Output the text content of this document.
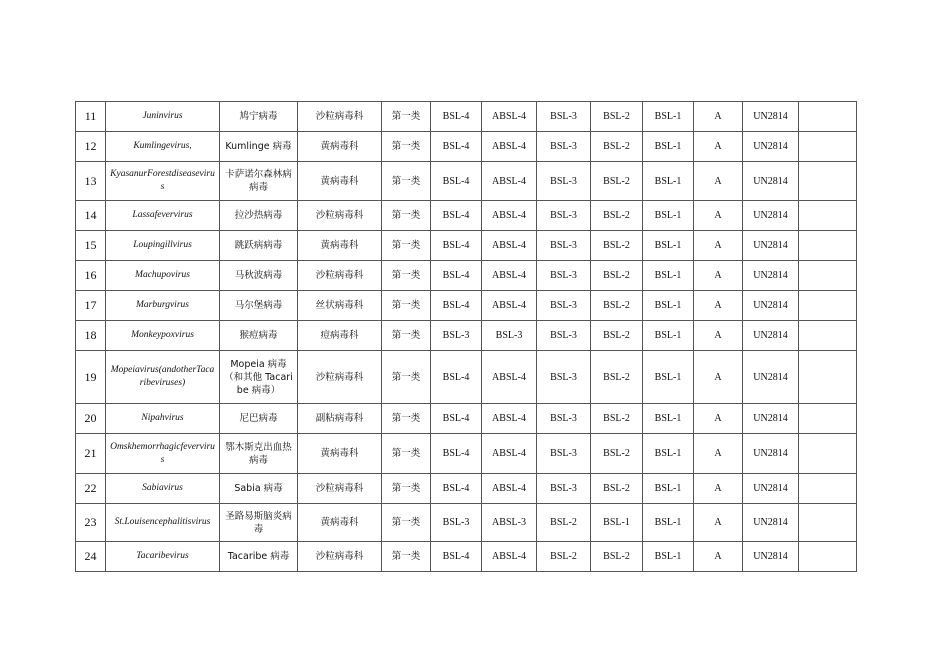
11	Juninvirus	鸠宁病毒	沙粒病毒科	第一类	BSL-4	ABSL-4	BSL-3	BSL-2	BSL-1	A	UN2814	
12	Kumlingevirus,	Kumlinge 病毒	黄病毒科	第一类	BSL-4	ABSL-4	BSL-3	BSL-2	BSL-1	A	UN2814	
13	KyasanurForestdiseasevirus	卡萨诺尔森林病病毒	黄病毒科	第一类	BSL-4	ABSL-4	BSL-3	BSL-2	BSL-1	A	UN2814	
14	Lassafevervirus	拉沙热病毒	沙粒病毒科	第一类	BSL-4	ABSL-4	BSL-3	BSL-2	BSL-1	A	UN2814	
15	Loupingillvirus	跳跃病病毒	黄病毒科	第一类	BSL-4	ABSL-4	BSL-3	BSL-2	BSL-1	A	UN2814	
16	Machupovirus	马秋波病毒	沙粒病毒科	第一类	BSL-4	ABSL-4	BSL-3	BSL-2	BSL-1	A	UN2814	
17	Marburgvirus	马尔堡病毒	丝状病毒科	第一类	BSL-4	ABSL-4	BSL-3	BSL-2	BSL-1	A	UN2814	
18	Monkeypoxvirus	猴痘病毒	痘病毒科	第一类	BSL-3	BSL-3	BSL-3	BSL-2	BSL-1	A	UN2814	
19	Mopeiavirus(andotherTacaribeviruses)	Mopeia 病毒（和其他 Tacaribe 病毒）	沙粒病毒科	第一类	BSL-4	ABSL-4	BSL-3	BSL-2	BSL-1	A	UN2814	
20	Nipahvirus	尼巴病毒	副粘病毒科	第一类	BSL-4	ABSL-4	BSL-3	BSL-2	BSL-1	A	UN2814	
21	Omskhemorrhagicfevervirus	鄂木斯克出血热病毒	黄病毒科	第一类	BSL-4	ABSL-4	BSL-3	BSL-2	BSL-1	A	UN2814	
22	Sabiavirus	Sabia 病毒	沙粒病毒科	第一类	BSL-4	ABSL-4	BSL-3	BSL-2	BSL-1	A	UN2814	
23	St.Louisencephalitisvirus	圣路易斯脑炎病毒	黄病毒科	第一类	BSL-3	ABSL-3	BSL-2	BSL-1	BSL-1	A	UN2814	
24	Tacaribevirus	Tacaribe 病毒	沙粒病毒科	第一类	BSL-4	ABSL-4	BSL-2	BSL-2	BSL-1	A	UN2814	
